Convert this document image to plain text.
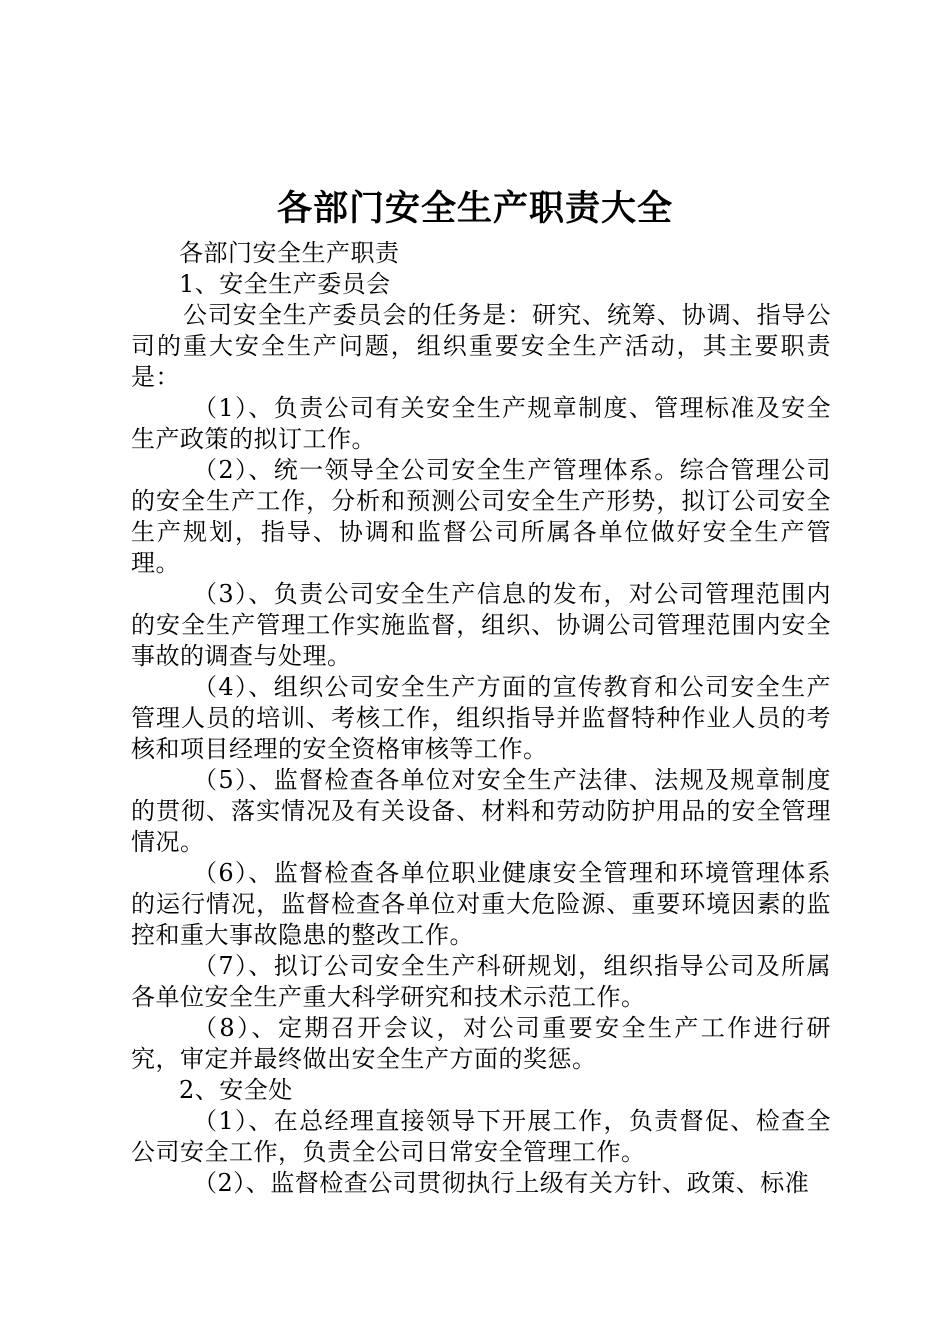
各部门安全生产职责大全

各部门安全生产职责

1、安全生产委员会

公司安全生产委员会的任务是：研究、统筹、协调、指导公司的重大安全生产问题，组织重要安全生产活动，其主要职责是：

（1）、负责公司有关安全生产规章制度、管理标准及安全生产政策的拟订工作。

（2）、统一领导全公司安全生产管理体系。综合管理公司的安全生产工作，分析和预测公司安全生产形势，拟订公司安全生产规划，指导、协调和监督公司所属各单位做好安全生产管理。

（3）、负责公司安全生产信息的发布，对公司管理范围内的安全生产管理工作实施监督，组织、协调公司管理范围内安全事故的调查与处理。

（4）、组织公司安全生产方面的宣传教育和公司安全生产管理人员的培训、考核工作，组织指导并监督特种作业人员的考核和项目经理的安全资格审核等工作。

（5）、监督检查各单位对安全生产法律、法规及规章制度的贯彻、落实情况及有关设备、材料和劳动防护用品的安全管理情况。

（6）、监督检查各单位职业健康安全管理和环境管理体系的运行情况，监督检查各单位对重大危险源、重要环境因素的监控和重大事故隐患的整改工作。

（7）、拟订公司安全生产科研规划，组织指导公司及所属各单位安全生产重大科学研究和技术示范工作。

（8）、定期召开会议，对公司重要安全生产工作进行研究，审定并最终做出安全生产方面的奖惩。

2、安全处

（1）、在总经理直接领导下开展工作，负责督促、检查全公司安全工作，负责全公司日常安全管理工作。

（2）、监督检查公司贯彻执行上级有关方针、政策、标准
